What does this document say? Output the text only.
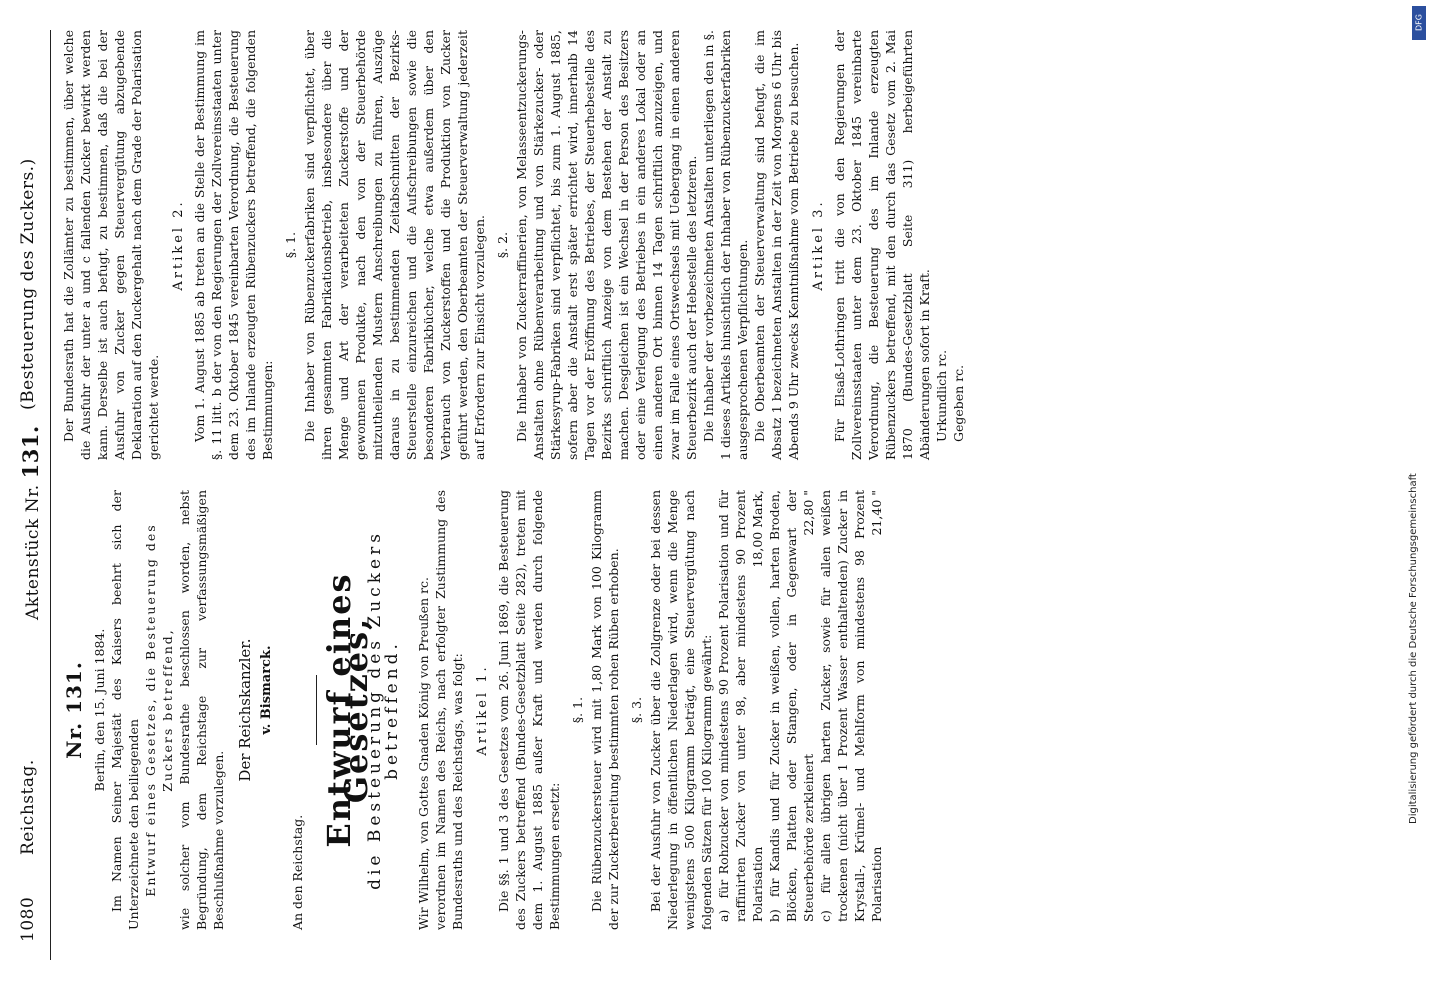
1080
Reichstag.
Aktenstück Nr. 131.
(Besteuerung des Zuckers.)
Nr. 131. Berlin, den 15. Juni 1884. Im Namen Seiner Majestät des Kaisers beehrt sich der Unterzeichnete den beiliegenden Entwurf eines Gesetzes, die Besteuerung des Zuckers betreffend, wie solcher vom Bundesrathe beschlossen worden, nebst Begründung, dem Reichstage zur verfassungsmäßigen Beschlußnahme vorzulegen.

Der Reichskanzler. v. Bismarck.

An den Reichstag.

Entwurf eines Gesetzes,
die Besteuerung des Zuckers betreffend. Wir Wilhelm, von Gottes Gnaden König von Preußen rc. verordnen im Namen des Reichs, nach erfolgter Zustimmung des Bundesraths und des Reichstags, was folgt: Artikel 1. Die §§. 1 und 3 des Gesetzes vom 26. Juni 1869, die Besteuerung des Zuckers betreffend (Bundes-Gesetzblatt Seite 282), treten mit dem 1. August 1885 außer Kraft und werden durch folgende Bestimmungen ersetzt:

§. 1. Die Rübenzuckersteuer wird mit 1,80 Mark von 100 Kilogramm der zur Zuckerbereitung bestimmten rohen Rüben erhoben. §. 3. Bei der Ausfuhr von Zucker über die Zollgrenze oder bei dessen Niederlegung in öffentlichen Niederlagen wird, wenn die Menge wenigstens 500 Kilogramm beträgt, eine Steuervergütung nach folgenden Sätzen für 100 Kilogramm gewährt: a) für Rohzucker von mindestens 90 Prozent Polarisation und für raffinirten Zucker von unter 98, aber mindestens 90 Prozent Polarisation
18,00 Mark,

b) für Kandis und für Zucker in weißen, vollen, harten Broden, Blöcken, Platten oder Stangen, oder in Gegenwart der Steuerbehörde zerkleinert
22,80 "

c) für allen übrigen harten Zucker, sowie für allen weißen trockenen (nicht über 1 Prozent Wasser enthaltenden) Zucker in Krystall-, Krümel- und Mehlform von mindestens 98 Prozent Polarisation
21,40 "

Der Bundesrath hat die Zollämter zu bestimmen, über welche die Ausfuhr der unter a und c fallenden Zucker bewirkt werden kann. Derselbe ist auch befugt, zu bestimmen, daß die bei der Ausfuhr von Zucker gegen Steuervergütung abzugebende Deklaration auf den Zuckergehalt nach dem Grade der Polarisation gerichtet werde.

Artikel 2. Vom 1. August 1885 ab treten an die Stelle der Bestimmung im §. 11 litt. b der von den Regierungen der Zollvereinsstaaten unter dem 23. Oktober 1845 vereinbarten Verordnung, die Besteuerung des im Inlande erzeugten Rübenzuckers betreffend, die folgenden Bestimmungen:

§. 1. Die Inhaber von Rübenzuckerfabriken sind verpflichtet, über ihren gesammten Fabrikationsbetrieb, insbesondere über die Menge und Art der verarbeiteten Zuckerstoffe und der gewonnenen Produkte, nach den von der Steuerbehörde mitzutheilenden Mustern Anschreibungen zu führen, Auszüge daraus in zu bestimmenden Zeitabschnitten der Bezirks-Steuerstelle einzureichen und die Aufschreibungen sowie die besonderen Fabrikbücher, welche etwa außerdem über den Verbrauch von Zuckerstoffen und die Produktion von Zucker geführt werden, den Oberbeamten der Steuerverwaltung jederzeit auf Erfordern zur Einsicht vorzulegen. §. 2. Die Inhaber von Zuckerraffinerien, von Melasseentzuckerungs-Anstalten ohne Rübenverarbeitung und von Stärkezucker- oder Stärkesyrup-Fabriken sind verpflichtet, bis zum 1. August 1885, sofern aber die Anstalt erst später errichtet wird, innerhalb 14 Tagen vor der Eröffnung des Betriebes, der Steuerhebestelle des Bezirks schriftlich Anzeige von dem Bestehen der Anstalt zu machen. Desgleichen ist ein Wechsel in der Person des Besitzers oder eine Verlegung des Betriebes in ein anderes Lokal oder an einen anderen Ort binnen 14 Tagen schriftlich anzuzeigen, und zwar im Falle eines Ortswechsels mit Uebergang in einen anderen Steuerbezirk auch der Hebestelle des letzteren. Die Inhaber der vorbezeichneten Anstalten unterliegen den in §. 1 dieses Artikels hinsichtlich der Inhaber von Rübenzuckerfabriken ausgesprochenen Verpflichtungen. Die Oberbeamten der Steuerverwaltung sind befugt, die im Absatz 1 bezeichneten Anstalten in der Zeit von Morgens 6 Uhr bis Abends 9 Uhr zwecks Kenntnißnahme vom Betriebe zu besuchen. Artikel 3. Für Elsaß-Lothringen tritt die von den Regierungen der Zollvereinsstaaten unter dem 23. Oktober 1845 vereinbarte Verordnung, die Besteuerung des im Inlande erzeugten Rübenzuckers betreffend, mit den durch das Gesetz vom 2. Mai 1870 (Bundes-Gesetzblatt Seite 311) herbeigeführten Abänderungen sofort in Kraft. Urkundlich rc. Gegeben rc.

DFG
Digitalisierung gefördert durch die Deutsche Forschungsgemeinschaft
